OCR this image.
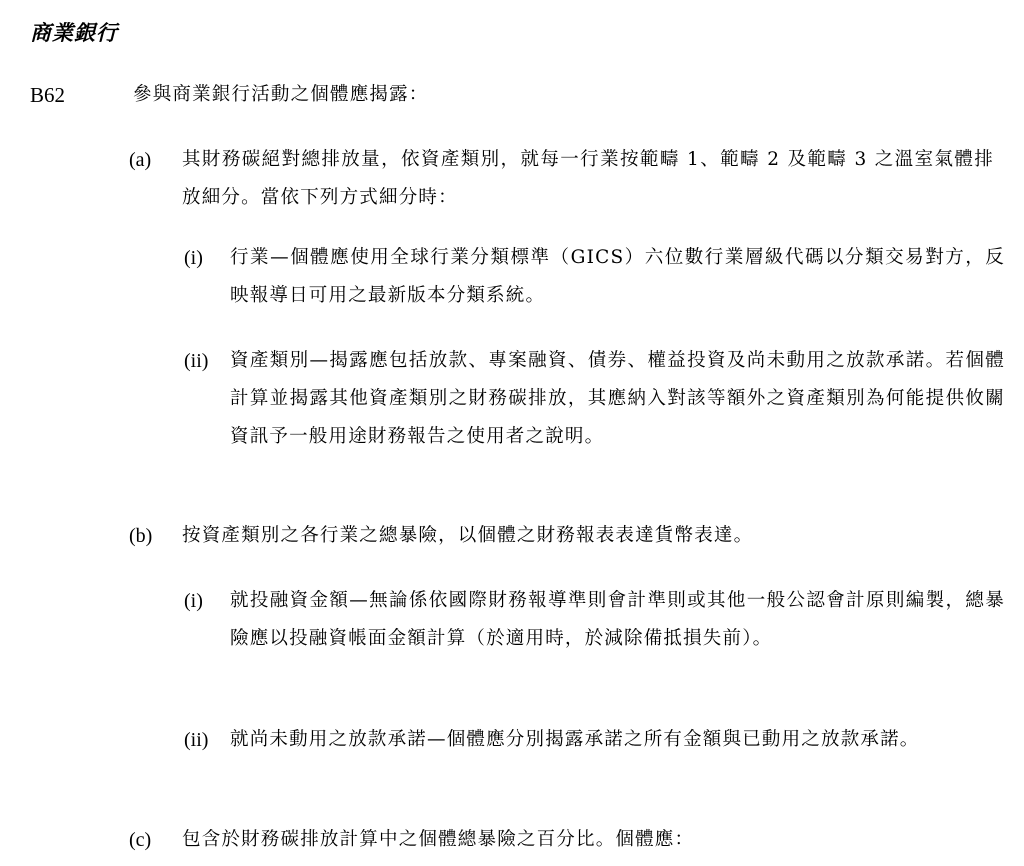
商業銀行
B62	參與商業銀行活動之個體應揭露：
(a) 其財務碳絕對總排放量，依資產類別，就每一行業按範疇 1、範疇 2 及範疇 3 之溫室氣體排放細分。當依下列方式細分時：
(i) 行業—個體應使用全球行業分類標準（GICS）六位數行業層級代碼以分類交易對方，反映報導日可用之最新版本分類系統。
(ii) 資產類別—揭露應包括放款、專案融資、債券、權益投資及尚未動用之放款承諾。若個體計算並揭露其他資產類別之財務碳排放，其應納入對該等額外之資產類別為何能提供攸關資訊予一般用途財務報告之使用者之說明。
(b) 按資產類別之各行業之總暴險，以個體之財務報表表達貨幣表達。
(i) 就投融資金額—無論係依國際財務報導準則會計準則或其他一般公認會計原則編製，總暴險應以投融資帳面金額計算（於適用時，於減除備抵損失前）。
(ii) 就尚未動用之放款承諾—個體應分別揭露承諾之所有金額與已動用之放款承諾。
(c) 包含於財務碳排放計算中之個體總暴險之百分比。個體應：
